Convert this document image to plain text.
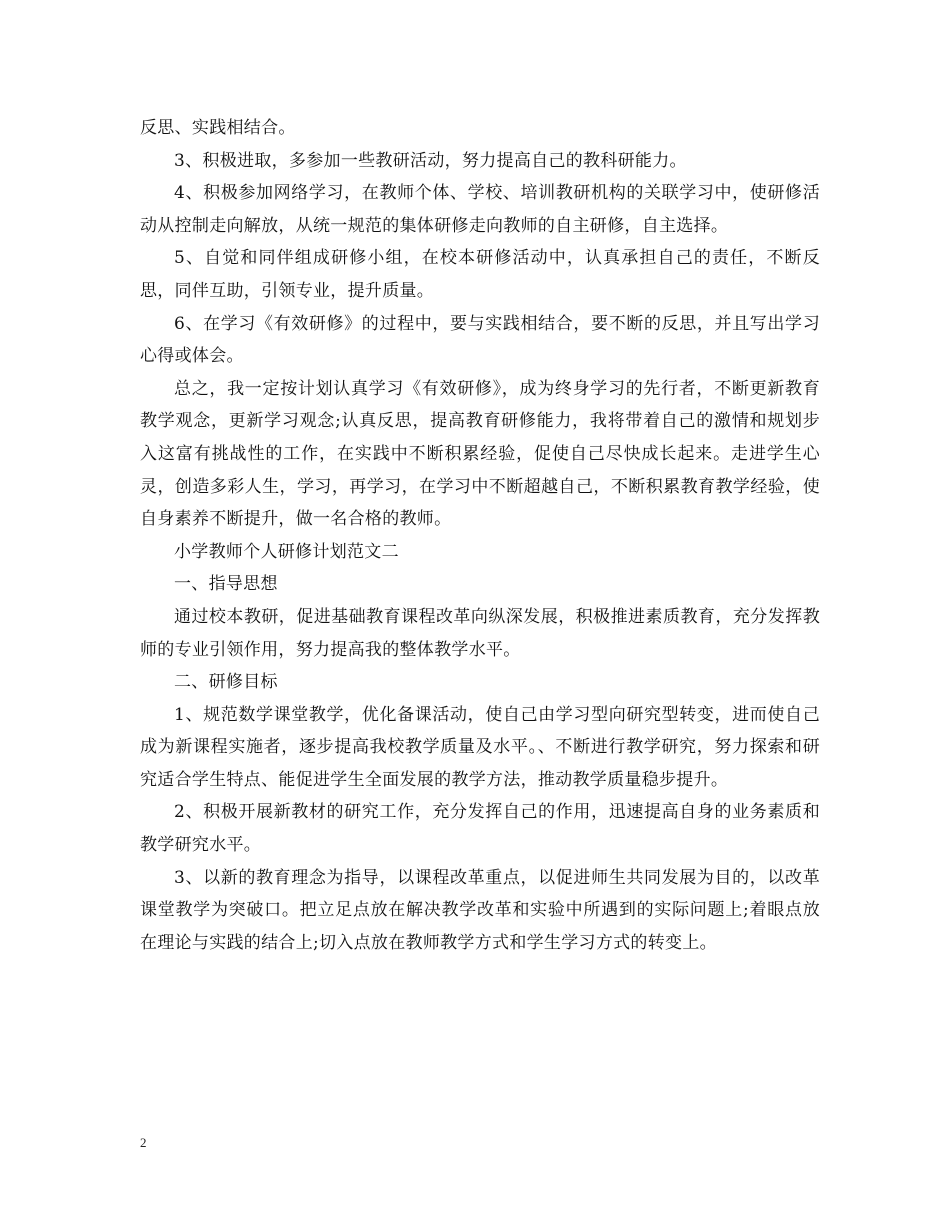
反思、实践相结合。

3、积极进取，多参加一些教研活动，努力提高自己的教科研能力。

4、积极参加网络学习，在教师个体、学校、培训教研机构的关联学习中，使研修活动从控制走向解放，从统一规范的集体研修走向教师的自主研修，自主选择。

5、自觉和同伴组成研修小组，在校本研修活动中，认真承担自己的责任，不断反思，同伴互助，引领专业，提升质量。

6、在学习《有效研修》的过程中，要与实践相结合，要不断的反思，并且写出学习心得或体会。

总之，我一定按计划认真学习《有效研修》，成为终身学习的先行者，不断更新教育教学观念，更新学习观念;认真反思，提高教育研修能力，我将带着自己的激情和规划步入这富有挑战性的工作，在实践中不断积累经验，促使自己尽快成长起来。走进学生心灵，创造多彩人生，学习，再学习，在学习中不断超越自己，不断积累教育教学经验，使自身素养不断提升，做一名合格的教师。

小学教师个人研修计划范文二

一、指导思想

通过校本教研，促进基础教育课程改革向纵深发展，积极推进素质教育，充分发挥教师的专业引领作用，努力提高我的整体教学水平。

二、研修目标

1、规范数学课堂教学，优化备课活动，使自己由学习型向研究型转变，进而使自己成为新课程实施者，逐步提高我校教学质量及水平。、不断进行教学研究，努力探索和研究适合学生特点、能促进学生全面发展的教学方法，推动教学质量稳步提升。

2、积极开展新教材的研究工作，充分发挥自己的作用，迅速提高自身的业务素质和教学研究水平。

3、以新的教育理念为指导，以课程改革重点，以促进师生共同发展为目的，以改革课堂教学为突破口。把立足点放在解决教学改革和实验中所遇到的实际问题上;着眼点放在理论与实践的结合上;切入点放在教师教学方式和学生学习方式的转变上。

2
